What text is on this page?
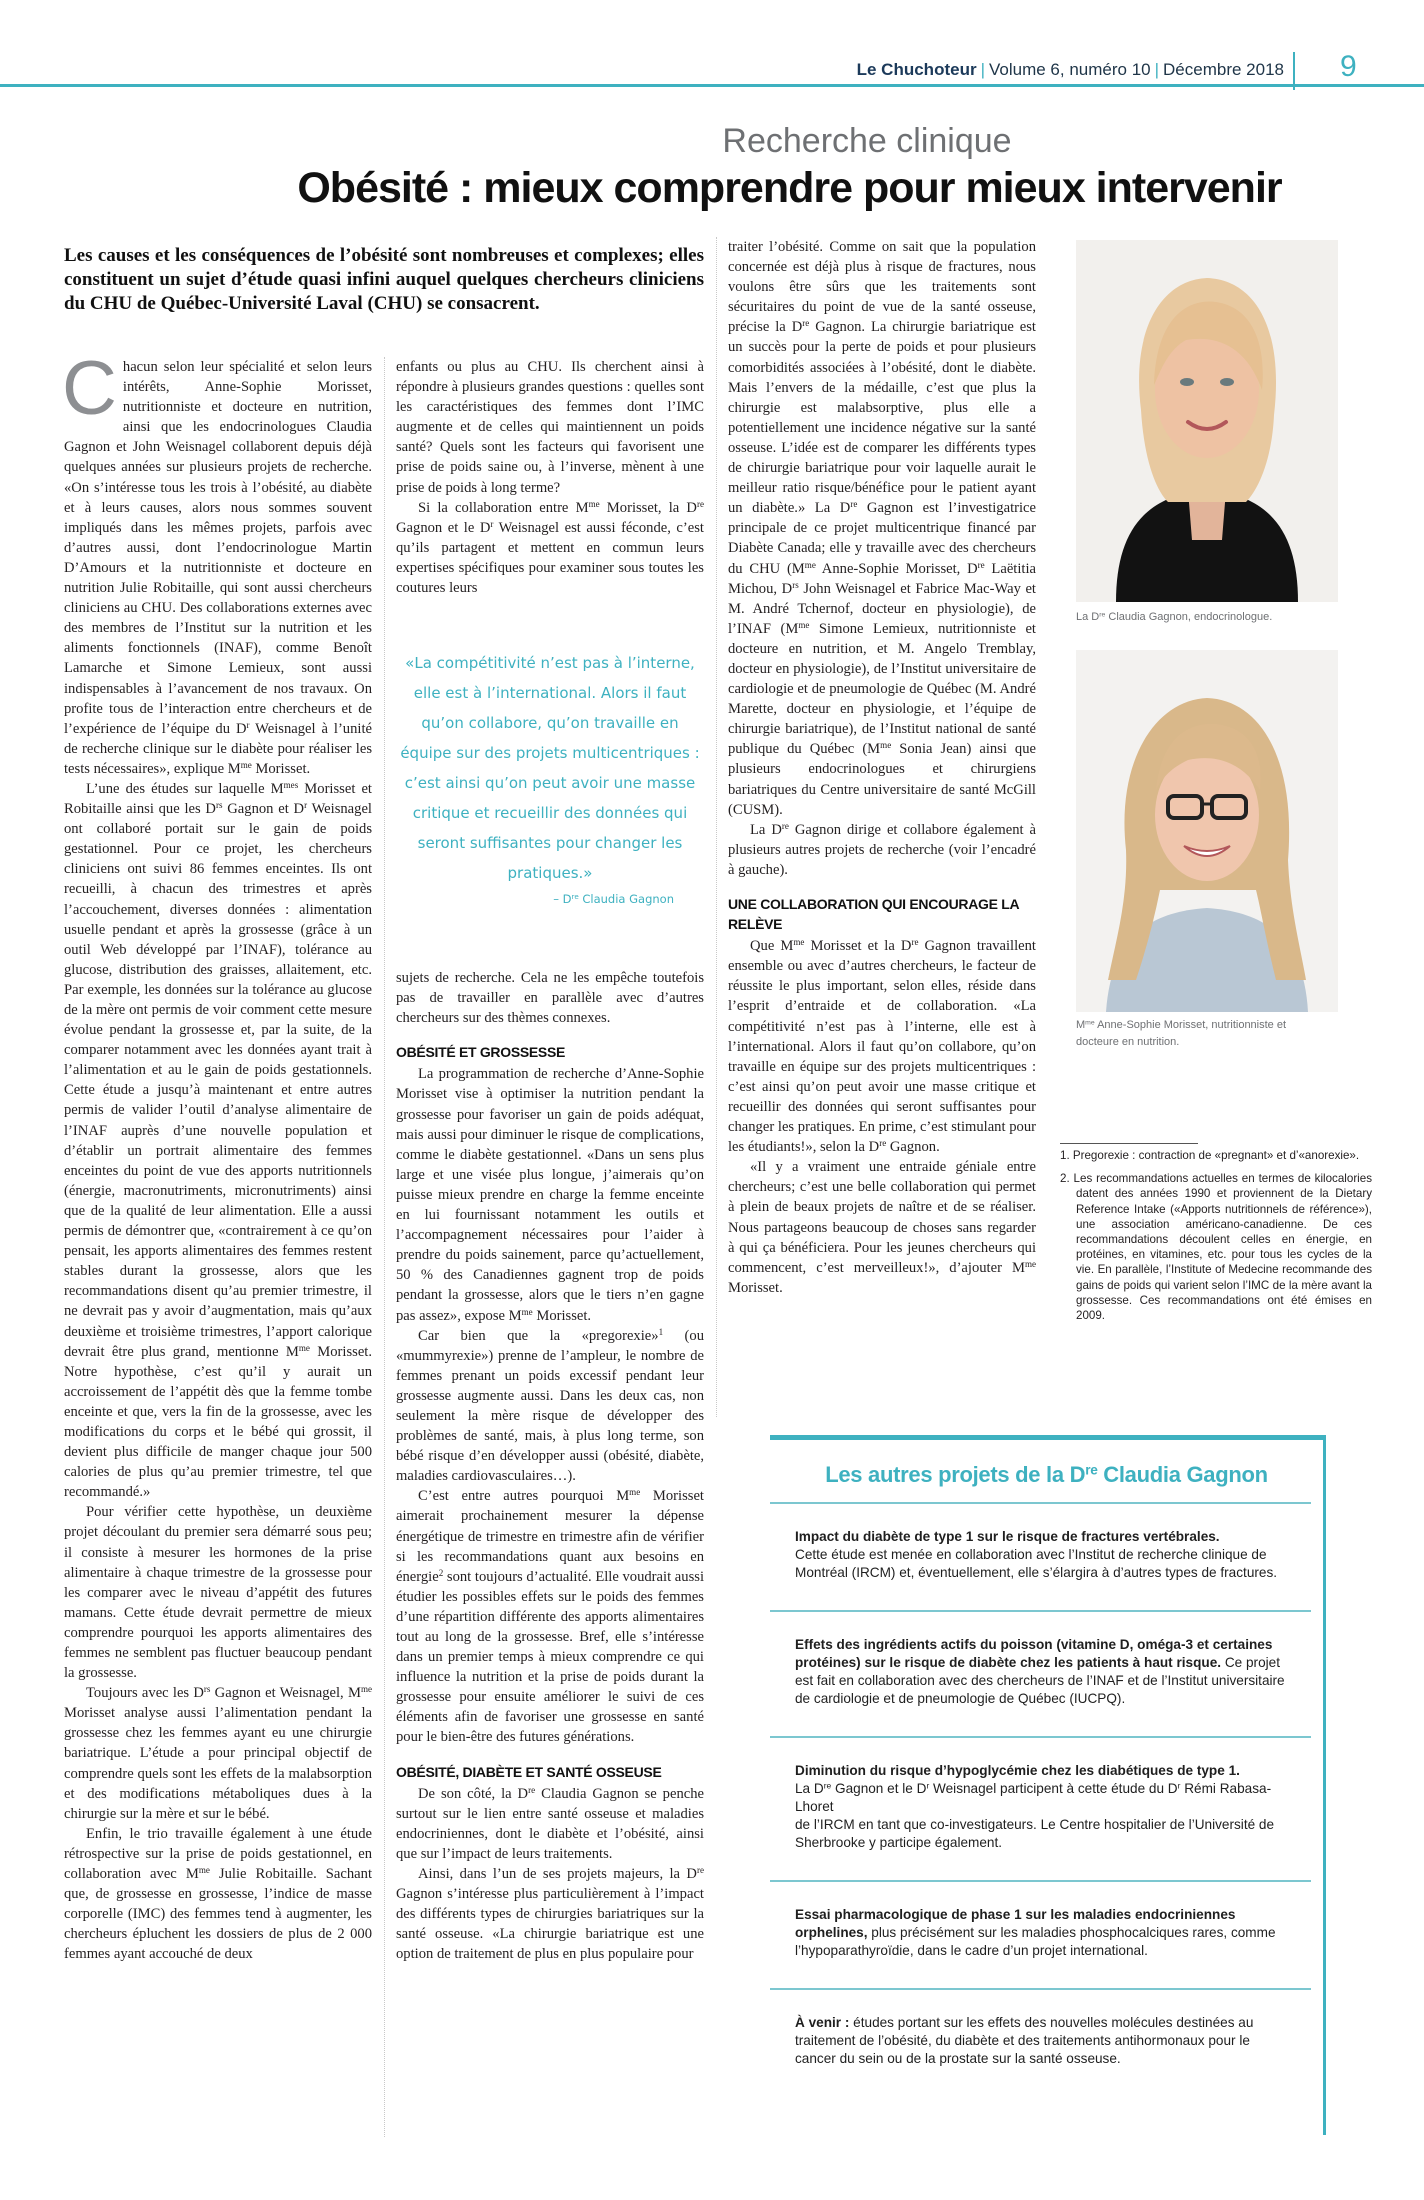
Le Chuchoteur | Volume 6, numéro 10 | Décembre 2018 9
Recherche clinique
Obésité : mieux comprendre pour mieux intervenir
Les causes et les conséquences de l’obésité sont nombreuses et complexes; elles constituent un sujet d’étude quasi infini auquel quelques chercheurs cliniciens du CHU de Québec-Université Laval (CHU) se consacrent.
C hacun selon leur spécialité et selon leurs intérêts, Anne-Sophie Morisset, nutritionniste et docteure en nutrition, ainsi que les endocrinologues Claudia Gagnon et John Weisnagel collaborent depuis déjà quelques années sur plusieurs projets de recherche. «On s’intéresse tous les trois à l’obésité, au diabète et à leurs causes, alors nous sommes souvent impliqués dans les mêmes projets, parfois avec d’autres aussi, dont l’endocrinologue Martin D’Amours et la nutritionniste et docteure en nutrition Julie Robitaille, qui sont aussi chercheurs cliniciens au CHU. Des collaborations externes avec des membres de l’Institut sur la nutrition et les aliments fonctionnels (INAF), comme Benoît Lamarche et Simone Lemieux, sont aussi indispensables à l’avancement de nos travaux. On profite tous de l’interaction entre chercheurs et de l’expérience de l’équipe du $D^r$ Weisnagel à l’unité de recherche clinique sur le diabète pour réaliser les tests nécessaires», explique $M^{me}$ Morisset.

L’une des études sur laquelle $M^{mes}$ Morisset et Robitaille ainsi que les $D^{rs}$ Gagnon et $D^r$ Weisnagel ont collaboré portait sur le gain de poids gestationnel. Pour ce projet, les chercheurs cliniciens ont suivi 86 femmes enceintes. Ils ont recueilli, à chacun des trimestres et après l’accouchement, diverses données : alimentation usuelle pendant et après la grossesse (grâce à un outil Web développé par l’INAF), tolérance au glucose, distribution des graisses, allaitement, etc. Par exemple, les données sur la tolérance au glucose de la mère ont permis de voir comment cette mesure évolue pendant la grossesse et, par la suite, de la comparer notamment avec les données ayant trait à l’alimentation et au le gain de poids gestationnels. Cette étude a jusqu’à maintenant et entre autres permis de valider l’outil d’analyse alimentaire de l’INAF auprès d’une nouvelle population et d’établir un portrait alimentaire des femmes enceintes du point de vue des apports nutritionnels (énergie, macronutriments, micronutriments) ainsi que de la qualité de leur alimentation. Elle a aussi permis de démontrer que, «contrairement à ce qu’on pensait, les apports alimentaires des femmes restent stables durant la grossesse, alors que les recommandations disent qu’au premier trimestre, il ne devrait pas y avoir d’augmentation, mais qu’aux deuxième et troisième trimestres, l’apport calorique devrait être plus grand, mentionne $M^{me}$ Morisset. Notre hypothèse, c’est qu’il y aurait un accroissement de l’appétit dès que la femme tombe enceinte et que, vers la fin de la grossesse, avec les modifications du corps et le bébé qui grossit, il devient plus difficile de manger chaque jour 500 calories de plus qu’au premier trimestre, tel que recommandé.»

Pour vérifier cette hypothèse, un deuxième projet découlant du premier sera démarré sous peu; il consiste à mesurer les hormones de la prise alimentaire à chaque trimestre de la grossesse pour les comparer avec le niveau d’appétit des futures mamans. Cette étude devrait permettre de mieux comprendre pourquoi les apports alimentaires des femmes ne semblent pas fluctuer beaucoup pendant la grossesse.

Toujours avec les $D^{rs}$ Gagnon et Weisnagel, $M^{me}$ Morisset analyse aussi l’alimentation pendant la grossesse chez les femmes ayant eu une chirurgie bariatrique. L’étude a pour principal objectif de comprendre quels sont les effets de la malabsorption et des modifications métaboliques dues à la chirurgie sur la mère et sur le bébé.

Enfin, le trio travaille également à une étude rétrospective sur la prise de poids gestationnel, en collaboration avec $M^{me}$ Julie Robitaille. Sachant que, de grossesse en grossesse, l’indice de masse corporelle (IMC) des femmes tend à augmenter, les chercheurs épluchent les dossiers de plus de 2 000 femmes ayant accouché de deux

enfants ou plus au CHU. Ils cherchent ainsi à répondre à plusieurs grandes questions : quelles sont les caractéristiques des femmes dont l’IMC augmente et de celles qui maintiennent un poids santé? Quels sont les facteurs qui favorisent une prise de poids saine ou, à l’inverse, mènent à une prise de poids à long terme?

Si la collaboration entre $M^{me}$ Morisset, la Dre Gagnon et le $D^r$ Weisnagel est aussi féconde, c’est qu’ils partagent et mettent en commun leurs expertises spécifiques pour examiner sous toutes les coutures leurs

«La compétitivité n’est pas à l’interne, elle est à l’international. Alors il faut qu’on collabore, qu’on travaille en équipe sur des projets multicentriques : c’est ainsi qu’on peut avoir une masse critique et recueillir des données qui seront suffisantes pour changer les pratiques.»
– Dre Claudia Gagnon

sujets de recherche. Cela ne les empêche toutefois pas de travailler en parallèle avec d’autres chercheurs sur des thèmes connexes.

OBÉSITÉ ET GROSSESSE

La programmation de recherche d’Anne-Sophie Morisset vise à optimiser la nutrition pendant la grossesse pour favoriser un gain de poids adéquat, mais aussi pour diminuer le risque de complications, comme le diabète gestationnel. «Dans un sens plus large et une visée plus longue, j’aimerais qu’on puisse mieux prendre en charge la femme enceinte en lui fournissant notamment les outils et l’accompagnement nécessaires pour l’aider à prendre du poids sainement, parce qu’actuellement, 50 % des Canadiennes gagnent trop de poids pendant la grossesse, alors que le tiers n’en gagne pas assez», expose $M^{me}$ Morisset.

Car bien que la «pregorexie»$^1$ (ou «mummyrexie») prenne de l’ampleur, le nombre de femmes prenant un poids excessif pendant leur grossesse augmente aussi. Dans les deux cas, non seulement la mère risque de développer des problèmes de santé, mais, à plus long terme, son bébé risque d’en développer aussi (obésité, diabète, maladies cardiovasculaires…).

C’est entre autres pourquoi $M^{me}$ Morisset aimerait prochainement mesurer la dépense énergétique de trimestre en trimestre afin de vérifier si les recommandations quant aux besoins en énergie$^2$ sont toujours d’actualité. Elle voudrait aussi étudier les possibles effets sur le poids des femmes d’une répartition différente des apports alimentaires tout au long de la grossesse. Bref, elle s’intéresse dans un premier temps à mieux comprendre ce qui influence la nutrition et la prise de poids durant la grossesse pour ensuite améliorer le suivi de ces éléments afin de favoriser une grossesse en santé pour le bien-être des futures générations.

OBÉSITÉ, DIABÈTE ET SANTÉ OSSEUSE

De son côté, la Dre Claudia Gagnon se penche surtout sur le lien entre santé osseuse et maladies endocriniennes, dont le diabète et l’obésité, ainsi que sur l’impact de leurs traitements.

Ainsi, dans l’un de ses projets majeurs, la Dre Gagnon s’intéresse plus particulièrement à l’impact des différents types de chirurgies bariatriques sur la santé osseuse. «La chirurgie bariatrique est une option de traitement de plus en plus populaire pour

traiter l’obésité. Comme on sait que la population concernée est déjà plus à risque de fractures, nous voulons être sûrs que les traitements sont sécuritaires du point de vue de la santé osseuse, précise la Dre Gagnon. La chirurgie bariatrique est un succès pour la perte de poids et pour plusieurs comorbidités associées à l’obésité, dont le diabète. Mais l’envers de la médaille, c’est que plus la chirurgie est malabsorptive, plus elle a potentiellement une incidence négative sur la santé osseuse. L’idée est de comparer les différents types de chirurgie bariatrique pour voir laquelle aurait le meilleur ratio risque/bénéfice pour le patient ayant un diabète.» La Dre Gagnon est l’investigatrice principale de ce projet multicentrique financé par Diabète Canada; elle y travaille avec des chercheurs du CHU ($M^{me}$ Anne-Sophie Morisset, Dre Laëtitia Michou, $D^{rs}$ John Weisnagel et Fabrice Mac-Way et M. André Tchernof, docteur en physiologie), de l’INAF ($M^{me}$ Simone Lemieux, nutritionniste et docteure en nutrition, et M. Angelo Tremblay, docteur en physiologie), de l’Institut universitaire de cardiologie et de pneumologie de Québec (M. André Marette, docteur en physiologie, et l’équipe de chirurgie bariatrique), de l’Institut national de santé publique du Québec ($M^{me}$ Sonia Jean) ainsi que plusieurs endocrinologues et chirurgiens bariatriques du Centre universitaire de santé McGill (CUSM).

La Dre Gagnon dirige et collabore également à plusieurs autres projets de recherche (voir l’encadré à gauche).

UNE COLLABORATION QUI ENCOURAGE LA RELÈVE

Que $M^{me}$ Morisset et la Dre Gagnon travaillent ensemble ou avec d’autres chercheurs, le facteur de réussite le plus important, selon elles, réside dans l’esprit d’entraide et de collaboration. «La compétitivité n’est pas à l’interne, elle est à l’international. Alors il faut qu’on collabore, qu’on travaille en équipe sur des projets multicentriques : c’est ainsi qu’on peut avoir une masse critique et recueillir des données qui seront suffisantes pour changer les pratiques. En prime, c’est stimulant pour les étudiants!», selon la Dre Gagnon.

«Il y a vraiment une entraide géniale entre chercheurs; c’est une belle collaboration qui permet à plein de beaux projets de naître et de se réaliser. Nous partageons beaucoup de choses sans regarder à qui ça bénéficiera. Pour les jeunes chercheurs qui commencent, c’est merveilleux!», d’ajouter $M^{me}$ Morisset.

La Dre Claudia Gagnon, endocrinologue.
$M^{me}$ Anne-Sophie Morisset, nutritionniste et docteure en nutrition.
1. Pregorexie : contraction de «pregnant» et d’«anorexie».
2. Les recommandations actuelles en termes de kilocalories datent des années 1990 et proviennent de la Dietary Reference Intake («Apports nutritionnels de référence»), une association américano-canadienne. De ces recommandations découlent celles en énergie, en protéines, en vitamines, etc. pour tous les cycles de la vie. En parallèle, l’Institute of Medecine recommande des gains de poids qui varient selon l’IMC de la mère avant la grossesse. Ces recommandations ont été émises en 2009.
Les autres projets de la Dre Claudia Gagnon
Impact du diabète de type 1 sur le risque de fractures vertébrales.
Cette étude est menée en collaboration avec l’Institut de recherche clinique de Montréal (IRCM) et, éventuellement, elle s’élargira à d’autres types de fractures.
Effets des ingrédients actifs du poisson (vitamine D, oméga-3 et certaines protéines) sur le risque de diabète chez les patients à haut risque. Ce projet est fait en collaboration avec des chercheurs de l’INAF et de l’Institut universitaire de cardiologie et de pneumologie de Québec (IUCPQ).
Diminution du risque d’hypoglycémie chez les diabétiques de type 1.
La Dre Gagnon et le $D^r$ Weisnagel participent à cette étude du $D^r$ Rémi Rabasa-Lhoret
de l’IRCM en tant que co-investigateurs. Le Centre hospitalier de l’Université de Sherbrooke y participe également.
Essai pharmacologique de phase 1 sur les maladies endocriniennes orphelines, plus précisément sur les maladies phosphocalciques rares, comme l’hypoparathyroïdie, dans le cadre d’un projet international.
À venir : études portant sur les effets des nouvelles molécules destinées au traitement de l’obésité, du diabète et des traitements antihormonaux pour le cancer du sein ou de la prostate sur la santé osseuse.
